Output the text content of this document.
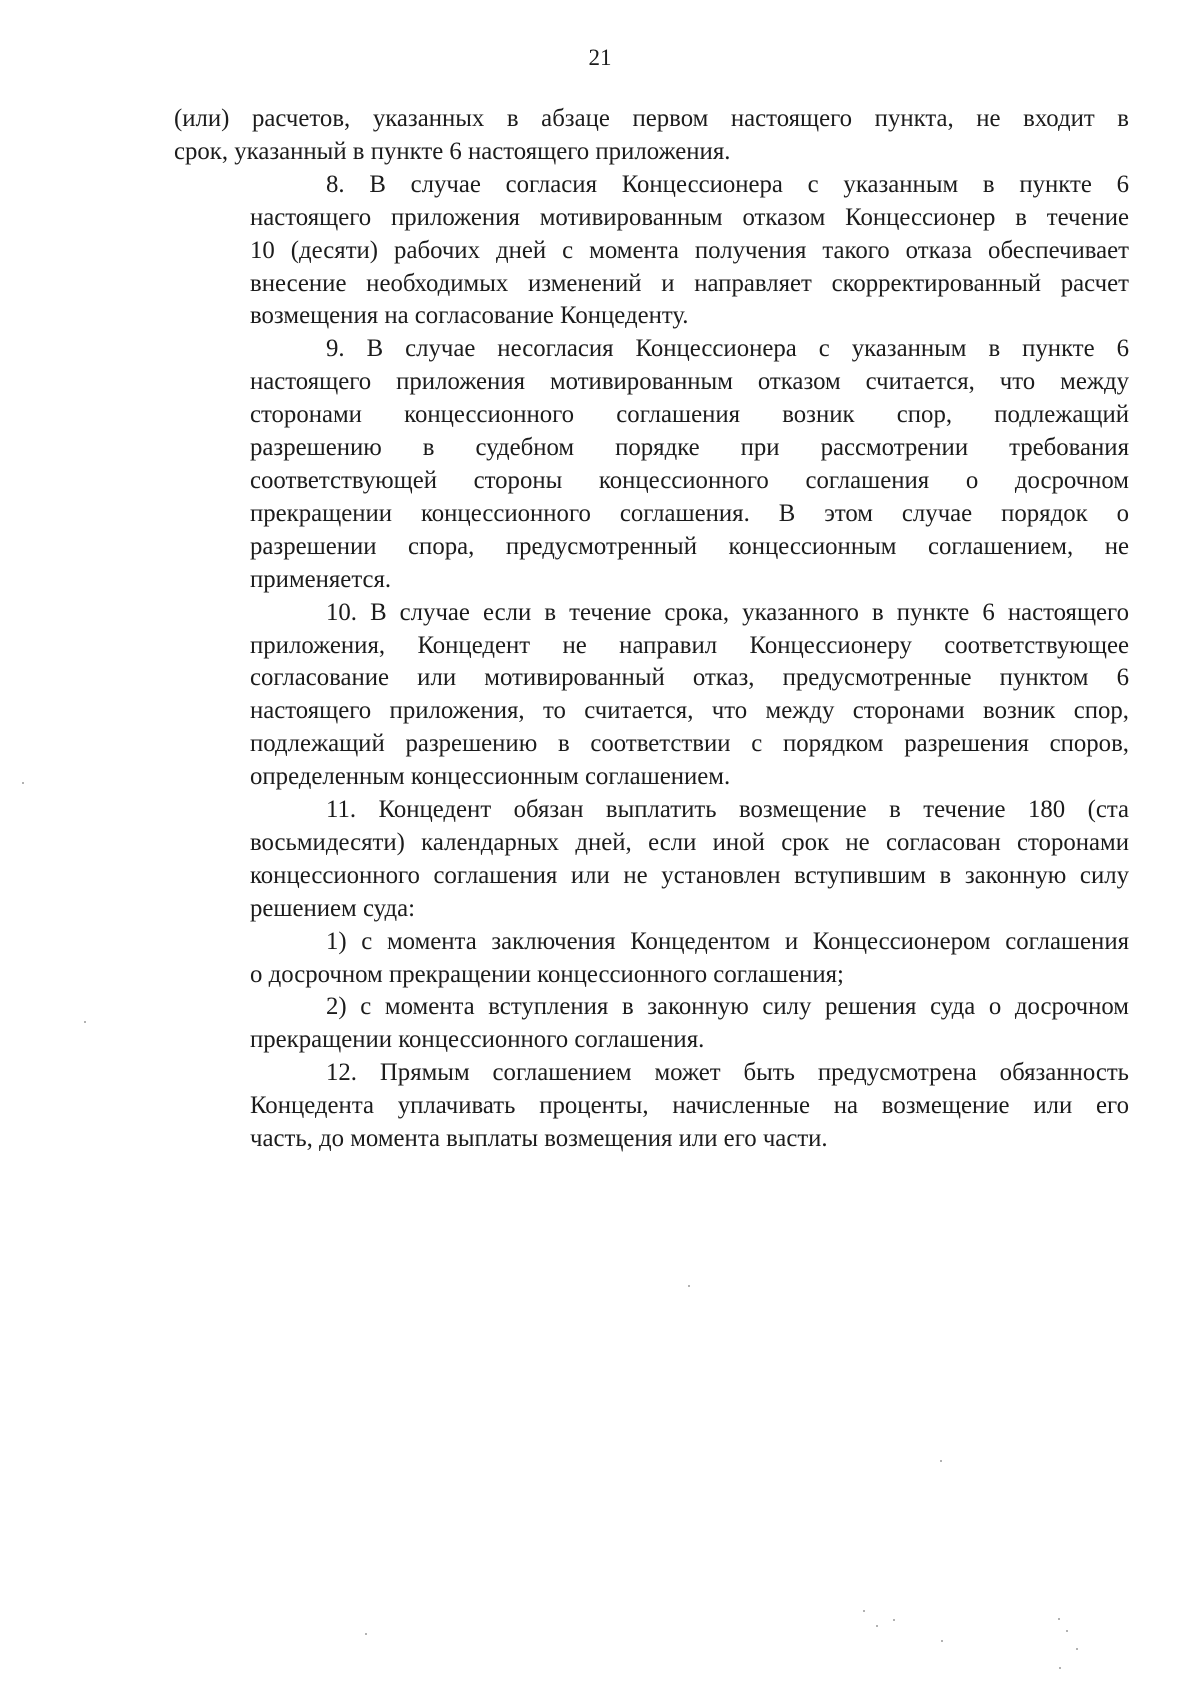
21
(или) расчетов, указанных в абзаце первом настоящего пункта, не входит в
срок, указанный в пункте 6 настоящего приложения.
8. В случае согласия Концессионера с указанным в пункте 6
настоящего приложения мотивированным отказом Концессионер в течение
10 (десяти) рабочих дней с момента получения такого отказа обеспечивает
внесение необходимых изменений и направляет скорректированный расчет
возмещения на согласование Концеденту.
9. В случае несогласия Концессионера с указанным в пункте 6
настоящего приложения мотивированным отказом считается, что между
сторонами концессионного соглашения возник спор, подлежащий
разрешению в судебном порядке при рассмотрении требования
соответствующей стороны концессионного соглашения о досрочном
прекращении концессионного соглашения. В этом случае порядок о
разрешении спора, предусмотренный концессионным соглашением, не
применяется.
10. В случае если в течение срока, указанного в пункте 6 настоящего
приложения, Концедент не направил Концессионеру соответствующее
согласование или мотивированный отказ, предусмотренные пунктом 6
настоящего приложения, то считается, что между сторонами возник спор,
подлежащий разрешению в соответствии с порядком разрешения споров,
определенным концессионным соглашением.
11. Концедент обязан выплатить возмещение в течение 180 (ста
восьмидесяти) календарных дней, если иной срок не согласован сторонами
концессионного соглашения или не установлен вступившим в законную силу
решением суда:
1) с момента заключения Концедентом и Концессионером соглашения
о досрочном прекращении концессионного соглашения;
2) с момента вступления в законную силу решения суда о досрочном
прекращении концессионного соглашения.
12. Прямым соглашением может быть предусмотрена обязанность
Концедента уплачивать проценты, начисленные на возмещение или его
часть, до момента выплаты возмещения или его части.
